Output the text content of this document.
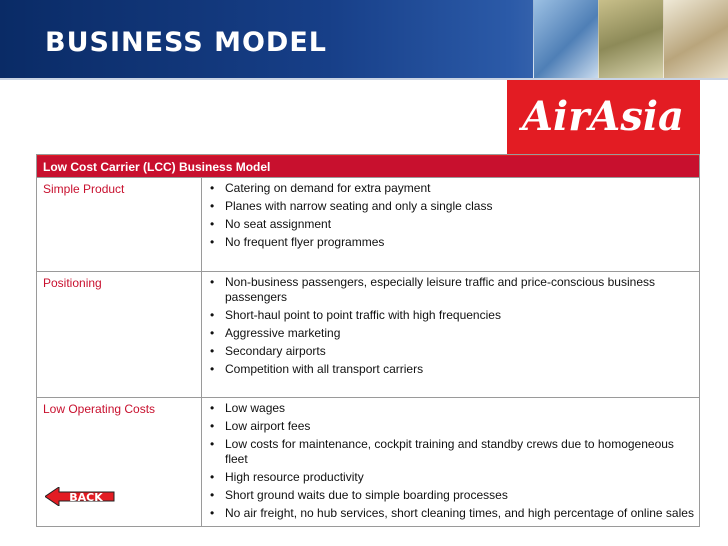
BUSINESS MODEL
AirAsia
Low Cost Carrier (LCC) Business Model
Simple Product	• Catering on demand for extra payment
• Planes with narrow seating and only a single class
• No seat assignment
• No frequent flyer programmes
Positioning	• Non-business passengers, especially leisure traffic and price-conscious business passengers
• Short-haul point to point traffic with high frequencies
• Aggressive marketing
• Secondary airports
• Competition with all transport carriers
Low Operating Costs	• Low wages
• Low airport fees
• Low costs for maintenance, cockpit training and standby crews due to homogeneous fleet
• High resource productivity
• Short ground waits due to simple boarding processes
• No air freight, no hub services, short cleaning times, and high percentage of online sales
BACK
